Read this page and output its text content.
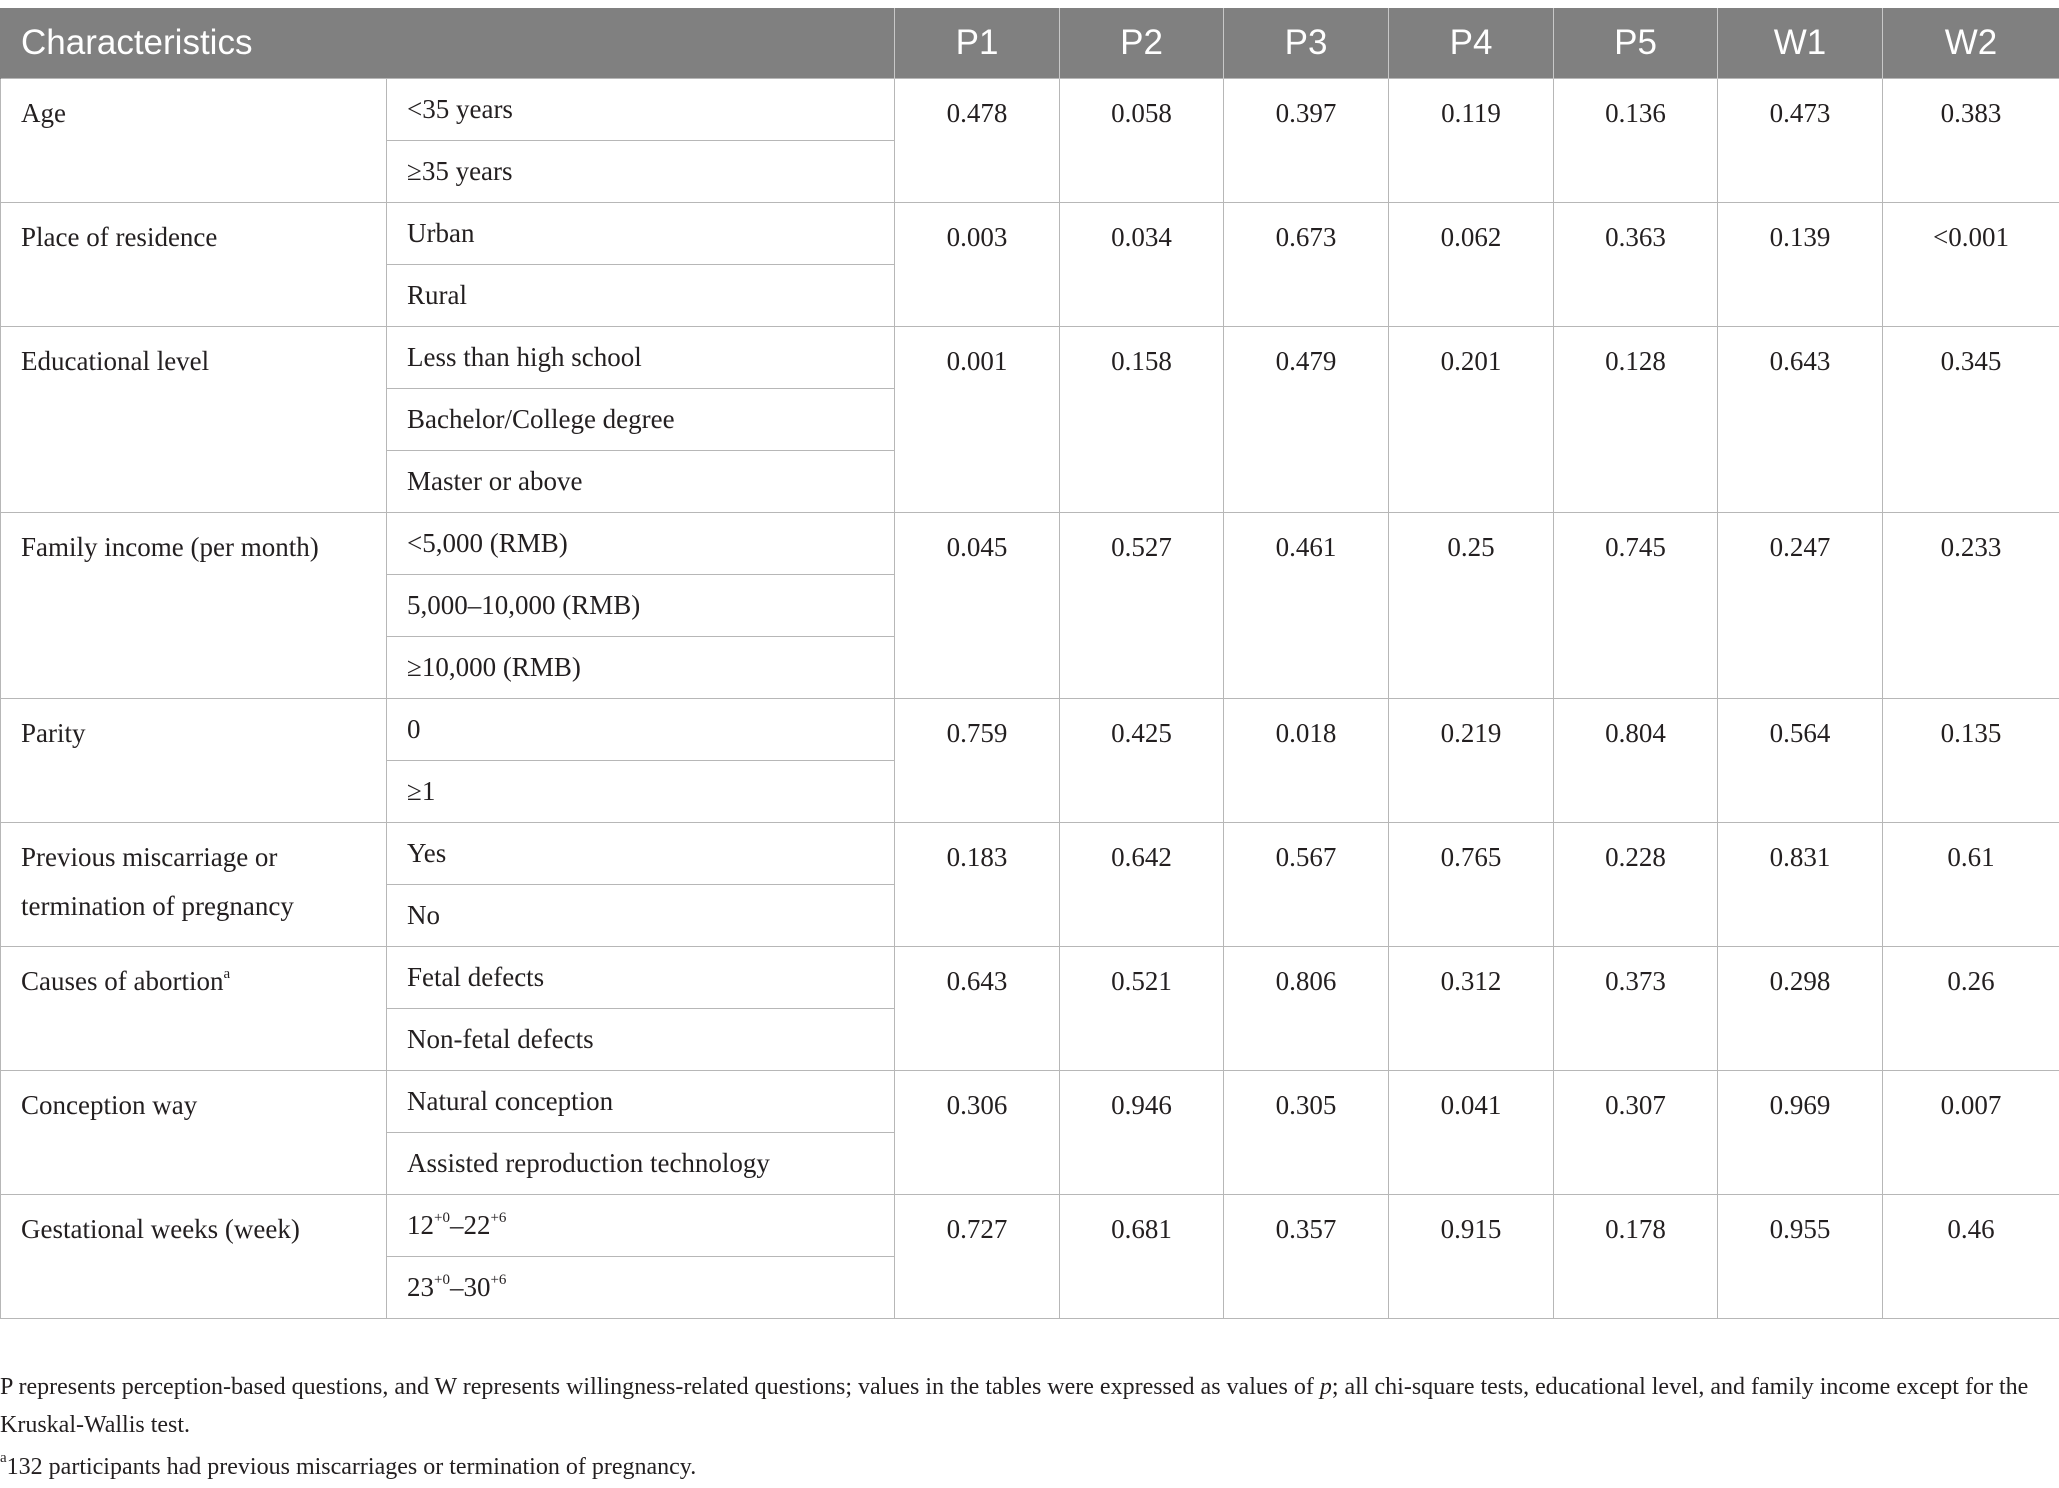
Characteristics		P1	P2	P3	P4	P5	W1	W2
Age	<35 years	0.478	0.058	0.397	0.119	0.136	0.473	0.383
	≥35 years							
Place of residence	Urban	0.003	0.034	0.673	0.062	0.363	0.139	<0.001
	Rural							
Educational level	Less than high school	0.001	0.158	0.479	0.201	0.128	0.643	0.345
	Bachelor/College degree							
	Master or above							
Family income (per month)	<5,000 (RMB)	0.045	0.527	0.461	0.25	0.745	0.247	0.233
	5,000–10,000 (RMB)							
	≥10,000 (RMB)							
Parity	0	0.759	0.425	0.018	0.219	0.804	0.564	0.135
	≥1							
Previous miscarriage or termination of pregnancy	Yes	0.183	0.642	0.567	0.765	0.228	0.831	0.61
	No							
Causes of abortion$^a$	Fetal defects	0.643	0.521	0.806	0.312	0.373	0.298	0.26
	Non-fetal defects							
Conception way	Natural conception	0.306	0.946	0.305	0.041	0.307	0.969	0.007
	Assisted reproduction technology							
Gestational weeks (week)	$12^{+0}-22^{+6}$	0.727	0.681	0.357	0.915	0.178	0.955	0.46
	$23^{+0}-30^{+6}$

P represents perception-based questions, and W represents willingness-related questions; values in the tables were expressed as values of p; all chi-square tests, educational level, and family income except for the Kruskal-Wallis test.

$^a$132 participants had previous miscarriages or termination of pregnancy.
